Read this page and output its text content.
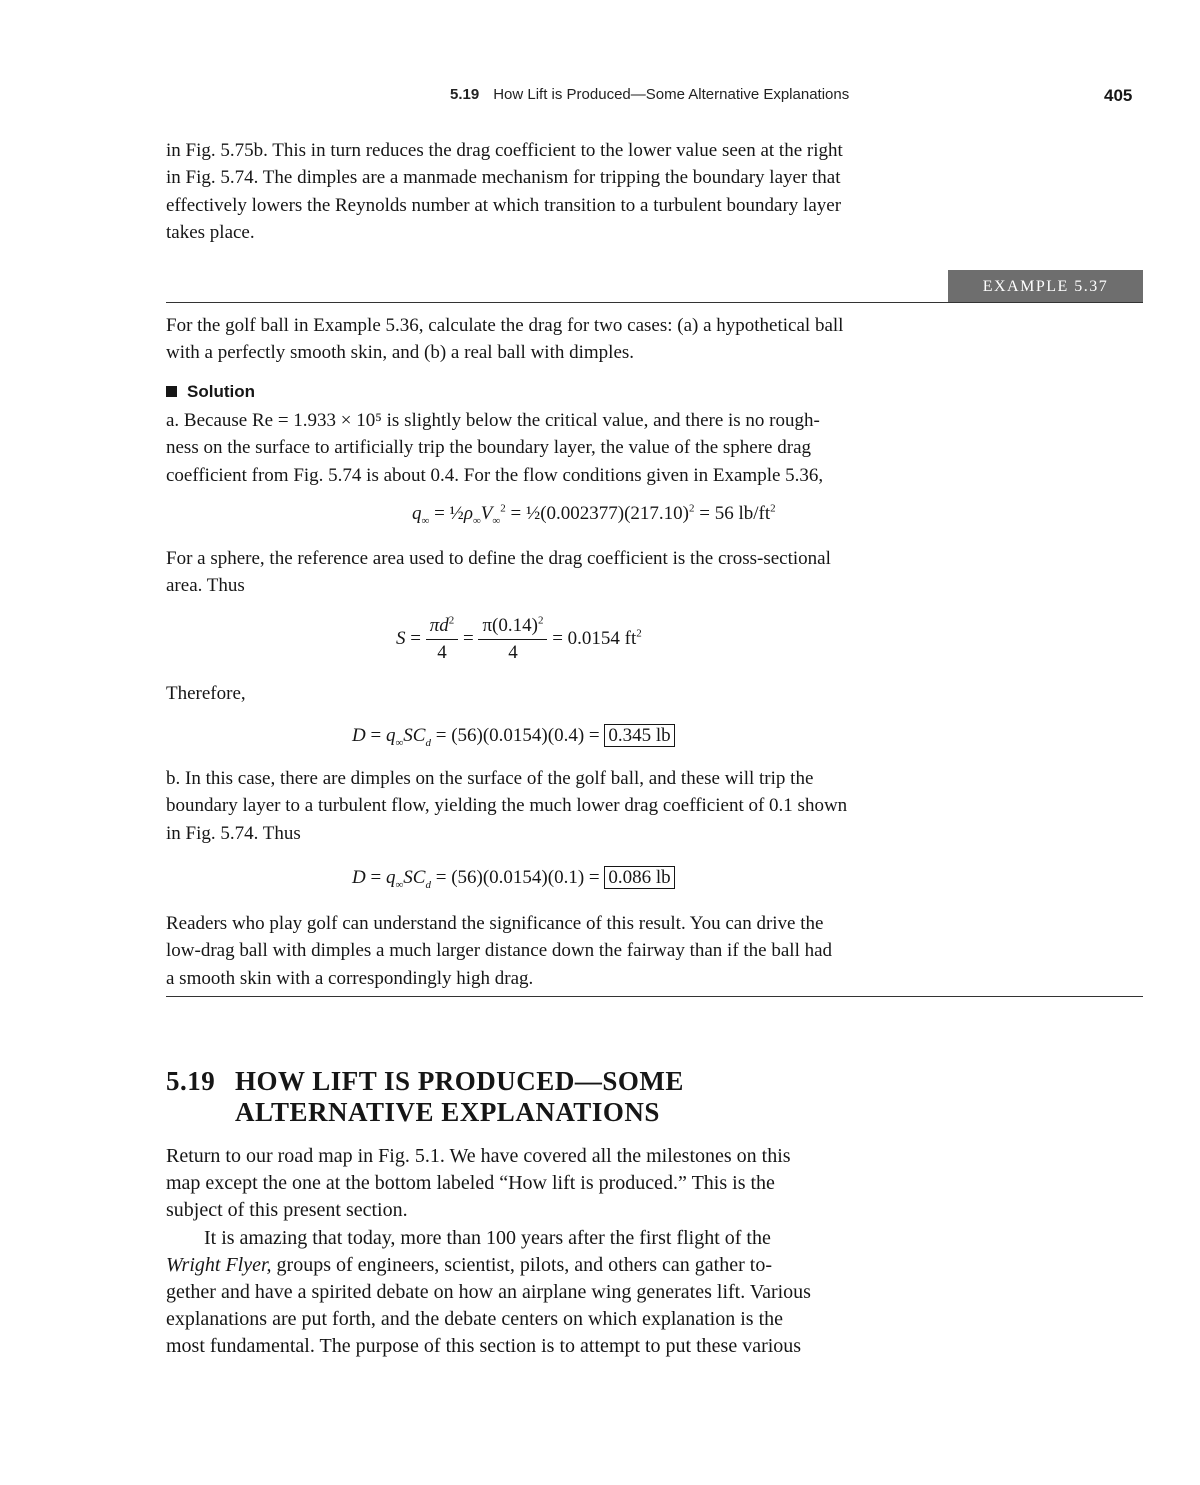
5.19 How Lift is Produced—Some Alternative Explanations	405

in Fig. 5.75b. This in turn reduces the drag coefficient to the lower value seen at the right

in Fig. 5.74. The dimples are a manmade mechanism for tripping the boundary layer that

effectively lowers the Reynolds number at which transition to a turbulent boundary layer

takes place.

EXAMPLE 5.37

For the golf ball in Example 5.36, calculate the drag for two cases: (a) a hypothetical ball

with a perfectly smooth skin, and (b) a real ball with dimples.

Solution

a. Because Re = 1.933 × 10⁵ is slightly below the critical value, and there is no rough-

ness on the surface to artificially trip the boundary layer, the value of the sphere drag

coefficient from Fig. 5.74 is about 0.4. For the flow conditions given in Example 5.36,

$q_\infty$ = $\frac{1}{2}\rho_\infty V_\infty^2$ = $\frac{1}{2}(0.002377)(217.10)^2 = 56$ $lb/ft^2$

For a sphere, the reference area used to define the drag coefficient is the cross-sectional

area. Thus

$S = \frac{\pi d^2}{4} = \frac{\pi(0.14)^2}{4} = 0.0154$ $ft^2$
Therefore,
$D = q_\infty SC_d = (56)(0.0154)(0.4) = 0.345$ lb

b. In this case, there are dimples on the surface of the golf ball, and these will trip the

boundary layer to a turbulent flow, yielding the much lower drag coefficient of 0.1 shown

in Fig. 5.74. Thus

$D = q_\infty SC_d = (56)(0.0154)(0.1) = 0.086$ lb

Readers who play golf can understand the significance of this result. You can drive the

low-drag ball with dimples a much larger distance down the fairway than if the ball had

a smooth skin with a correspondingly high drag.

5.19 HOW LIFT IS PRODUCED—SOME
ALTERNATIVE EXPLANATIONS

Return to our road map in Fig. 5.1. We have covered all the milestones on this

map except the one at the bottom labeled “How lift is produced.” This is the

subject of this present section.

It is amazing that today, more than 100 years after the first flight of the

Wright Flyer, groups of engineers, scientist, pilots, and others can gather to-

gether and have a spirited debate on how an airplane wing generates lift. Various

explanations are put forth, and the debate centers on which explanation is the

most fundamental. The purpose of this section is to attempt to put these various
